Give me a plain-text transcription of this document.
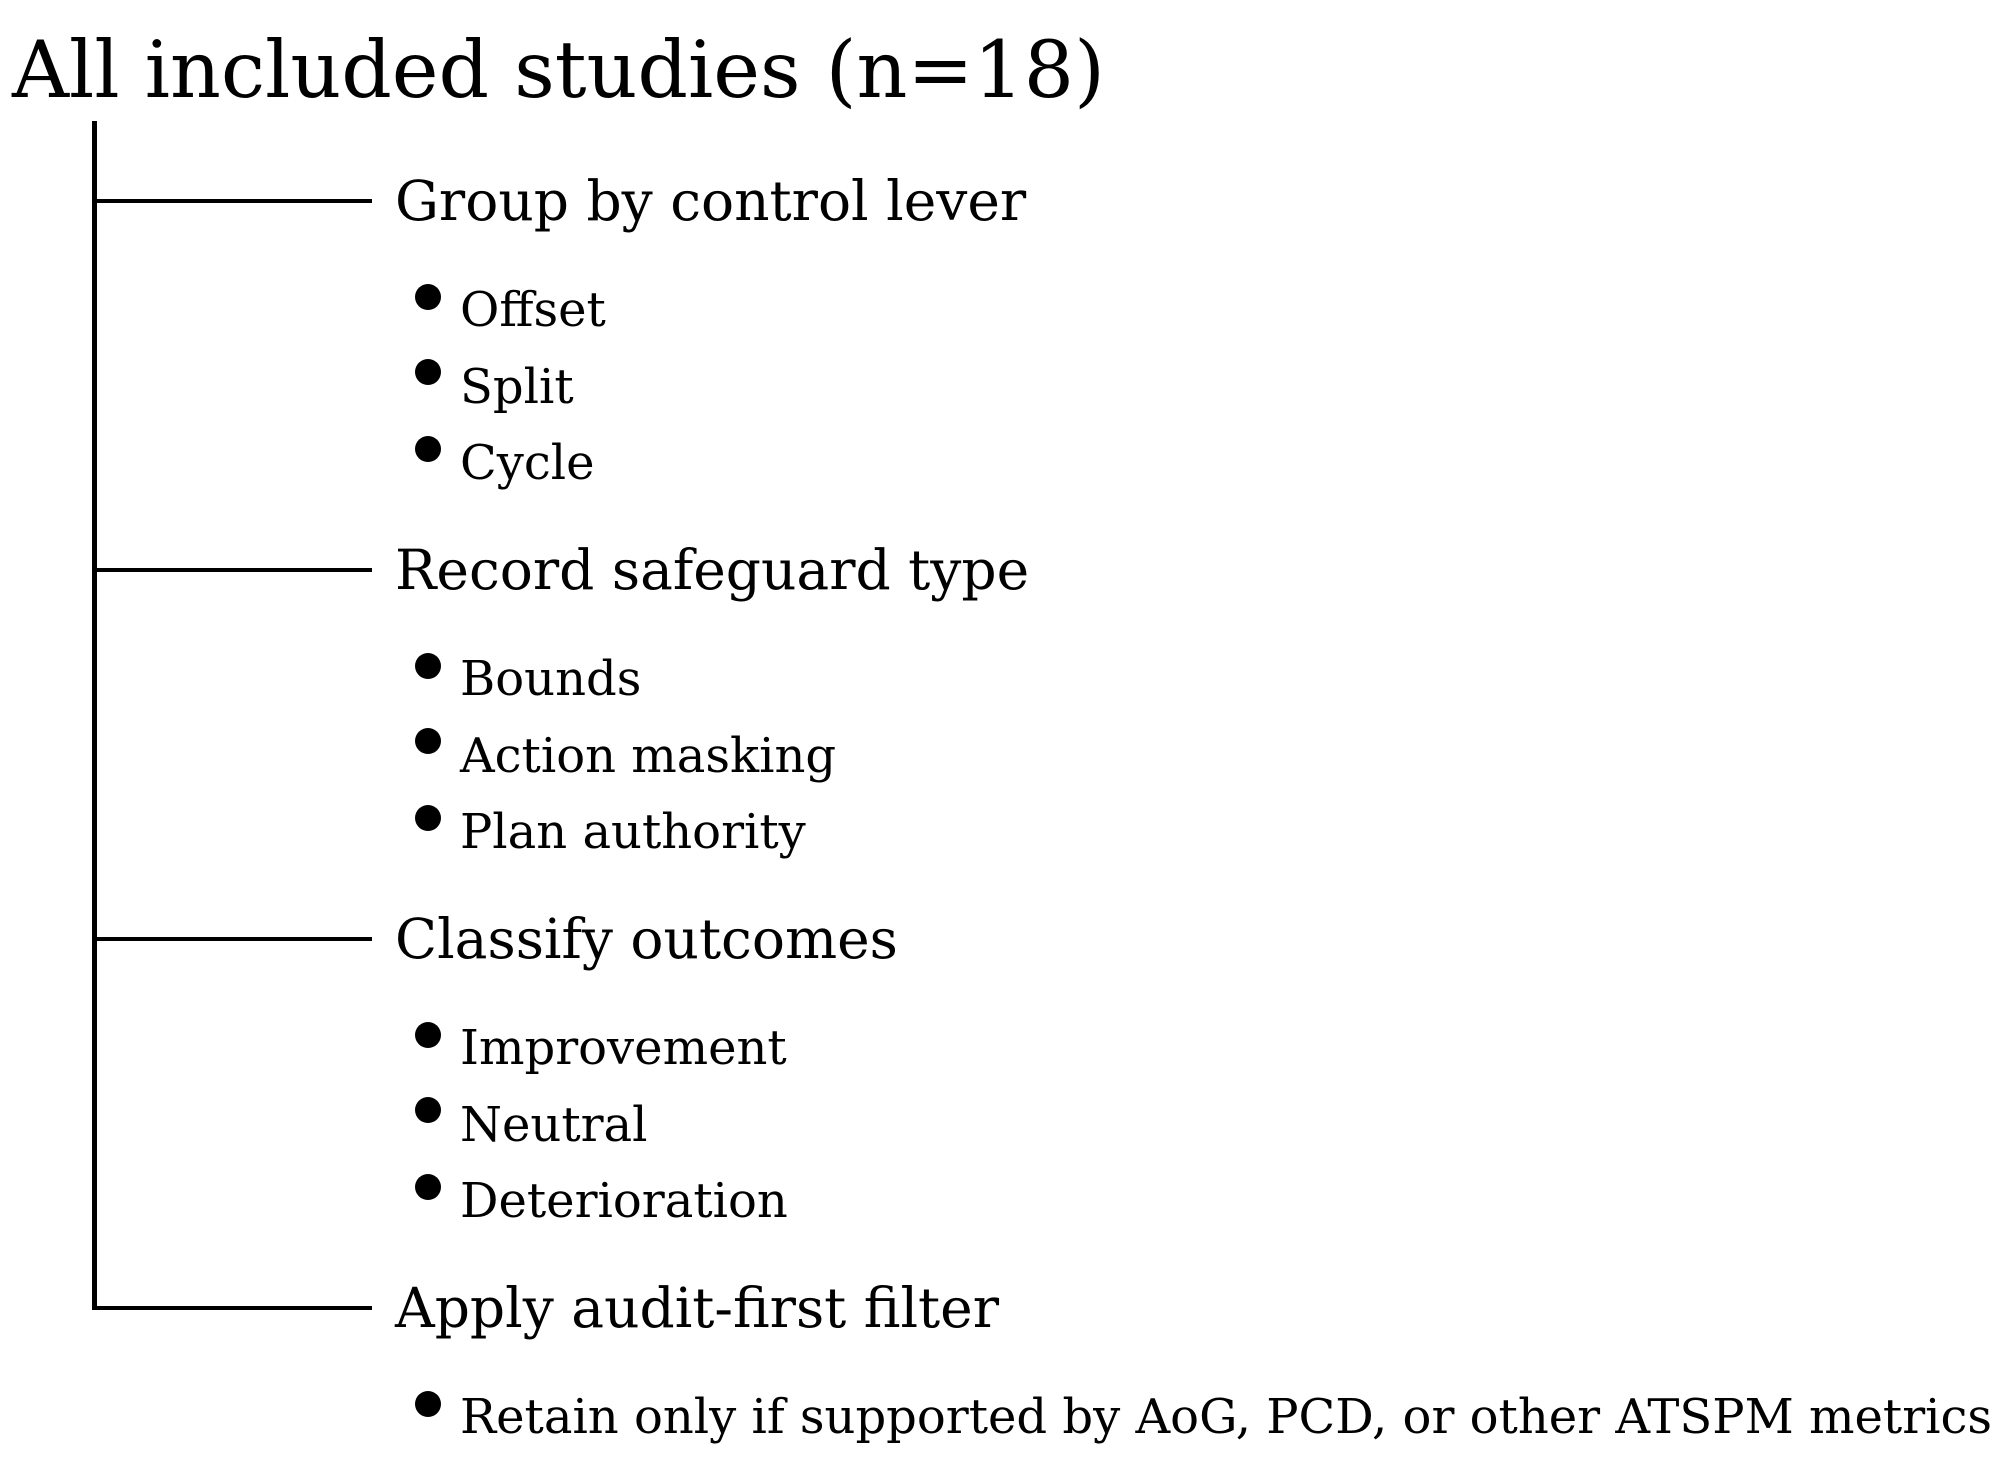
All included studies (n=18)
Group by control lever
Offset
Split
Cycle
Record safeguard type
Bounds
Action masking
Plan authority
Classify outcomes
Improvement
Neutral
Deterioration
Apply audit-first filter
Retain only if supported by AoG, PCD, or other ATSPM metrics
